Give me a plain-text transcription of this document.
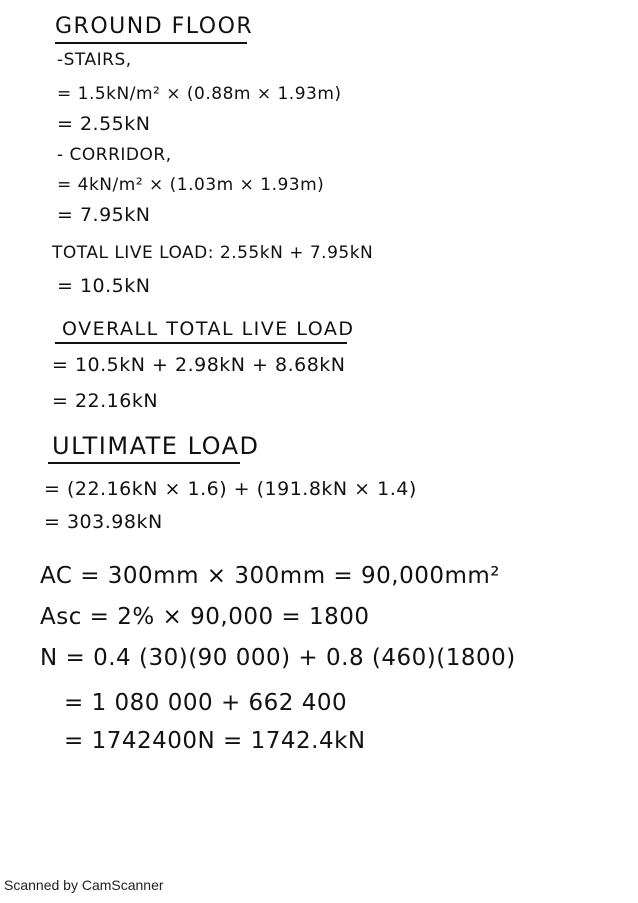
GROUND FLOOR
-STAIRS,
= 1.5kN/m² × (0.88m × 1.93m)
= 2.55kN
- CORRIDOR,
= 4kN/m² × (1.03m × 1.93m)
= 7.95kN
TOTAL LIVE LOAD: 2.55kN + 7.95kN
= 10.5kN
OVERALL TOTAL LIVE LOAD
= 10.5kN + 2.98kN + 8.68kN
= 22.16kN
ULTIMATE LOAD
= (22.16kN × 1.6) + (191.8kN × 1.4)
= 303.98kN
AC = 300mm × 300mm = 90,000mm²
Asc = 2% × 90,000 = 1800
N = 0.4 (30)(90 000) + 0.8 (460)(1800)
= 1 080 000 + 662 400
= 1742400N = 1742.4kN
Scanned by CamScanner
